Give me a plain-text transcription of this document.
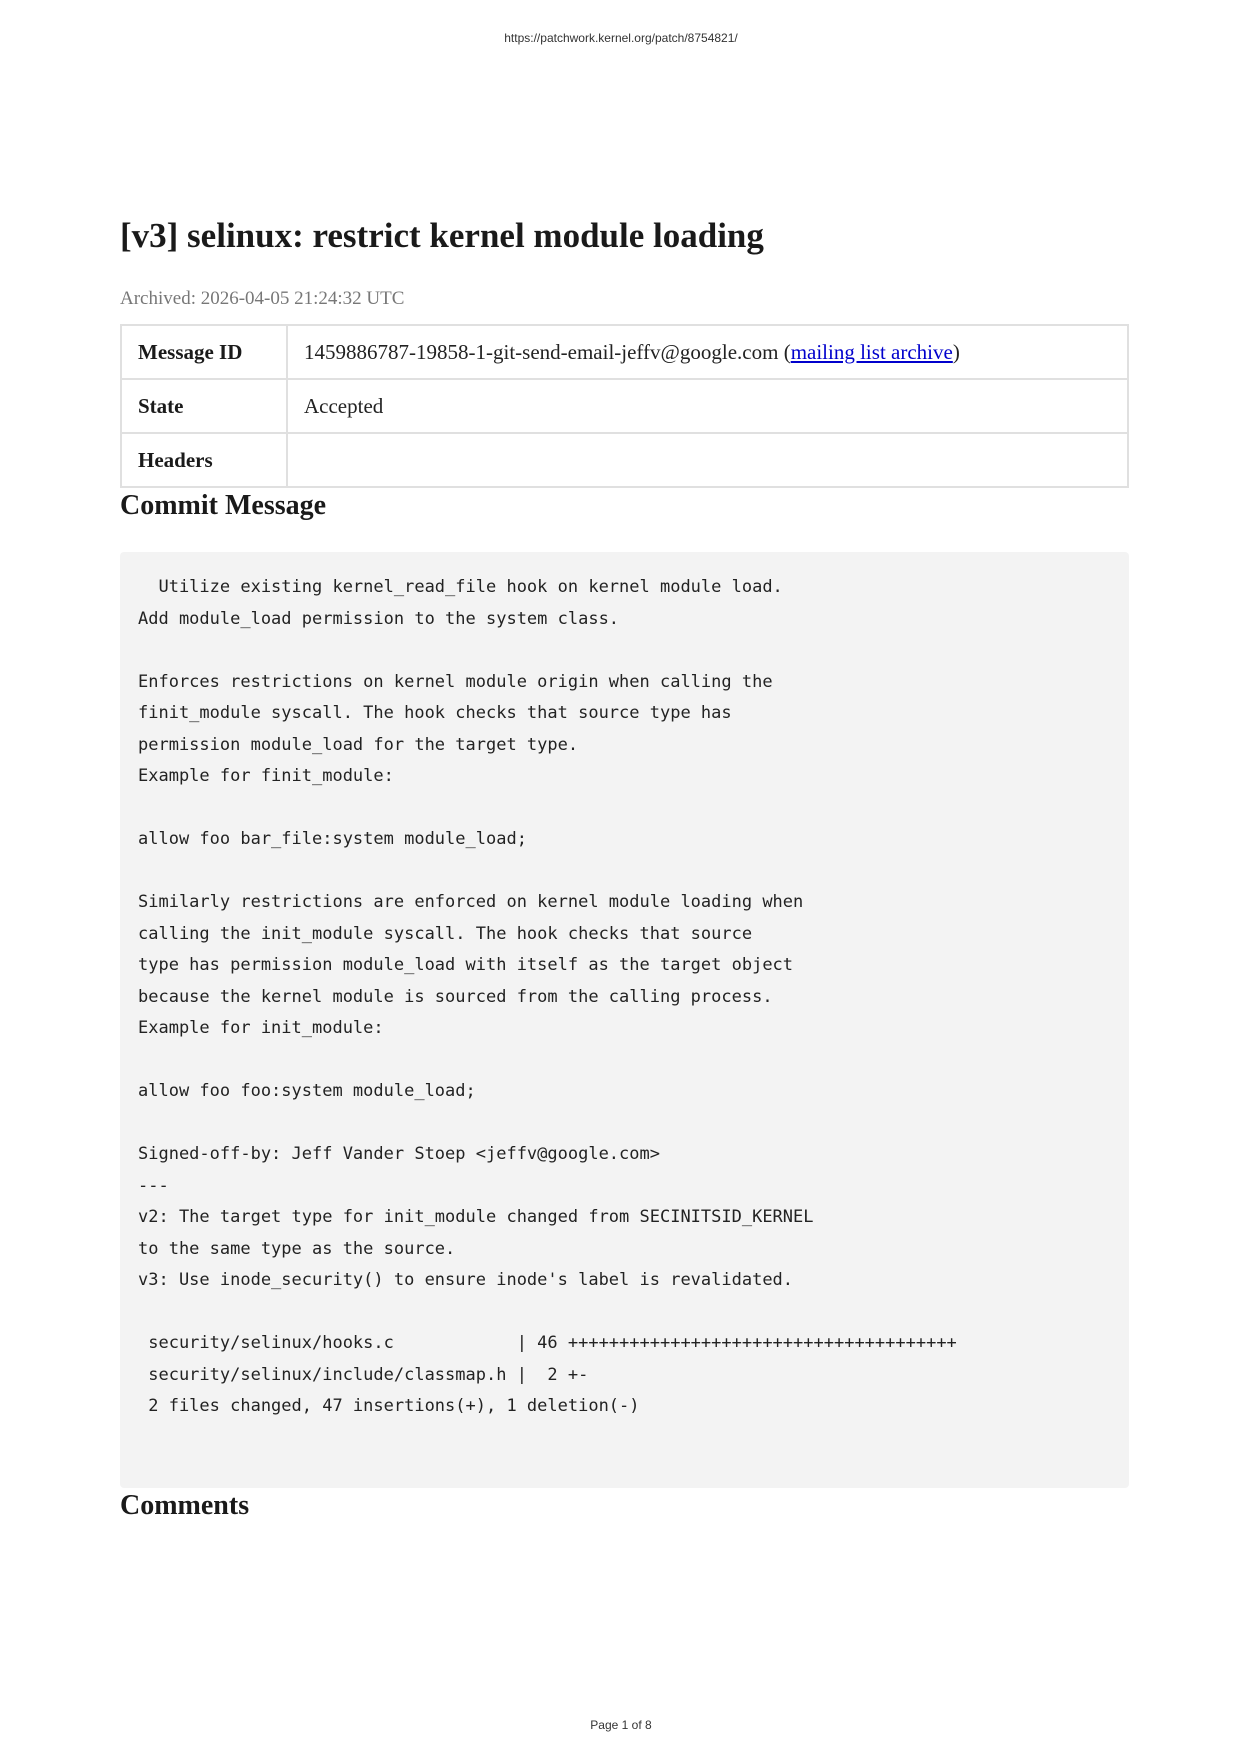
https://patchwork.kernel.org/patch/8754821/
[v3] selinux: restrict kernel module loading
Archived: 2026-04-05 21:24:32 UTC
Message ID	1459886787-19858-1-git-send-email-jeffv@google.com (mailing list archive)
State	Accepted
Headers	
Commit Message
Utilize existing kernel_read_file hook on kernel module load.
Add module_load permission to the system class.

Enforces restrictions on kernel module origin when calling the
finit_module syscall. The hook checks that source type has
permission module_load for the target type.
Example for finit_module:

allow foo bar_file:system module_load;

Similarly restrictions are enforced on kernel module loading when
calling the init_module syscall. The hook checks that source
type has permission module_load with itself as the target object
because the kernel module is sourced from the calling process.
Example for init_module:

allow foo foo:system module_load;

Signed-off-by: Jeff Vander Stoep <jeffv@google.com>
---
v2: The target type for init_module changed from SECINITSID_KERNEL
to the same type as the source.
v3: Use inode_security() to ensure inode's label is revalidated.

security/selinux/hooks.c            | 46 ++++++++++++++++++++++++++++++++++++++
security/selinux/include/classmap.h |  2 +-
2 files changed, 47 insertions(+), 1 deletion(-)
Comments
Page 1 of 8
